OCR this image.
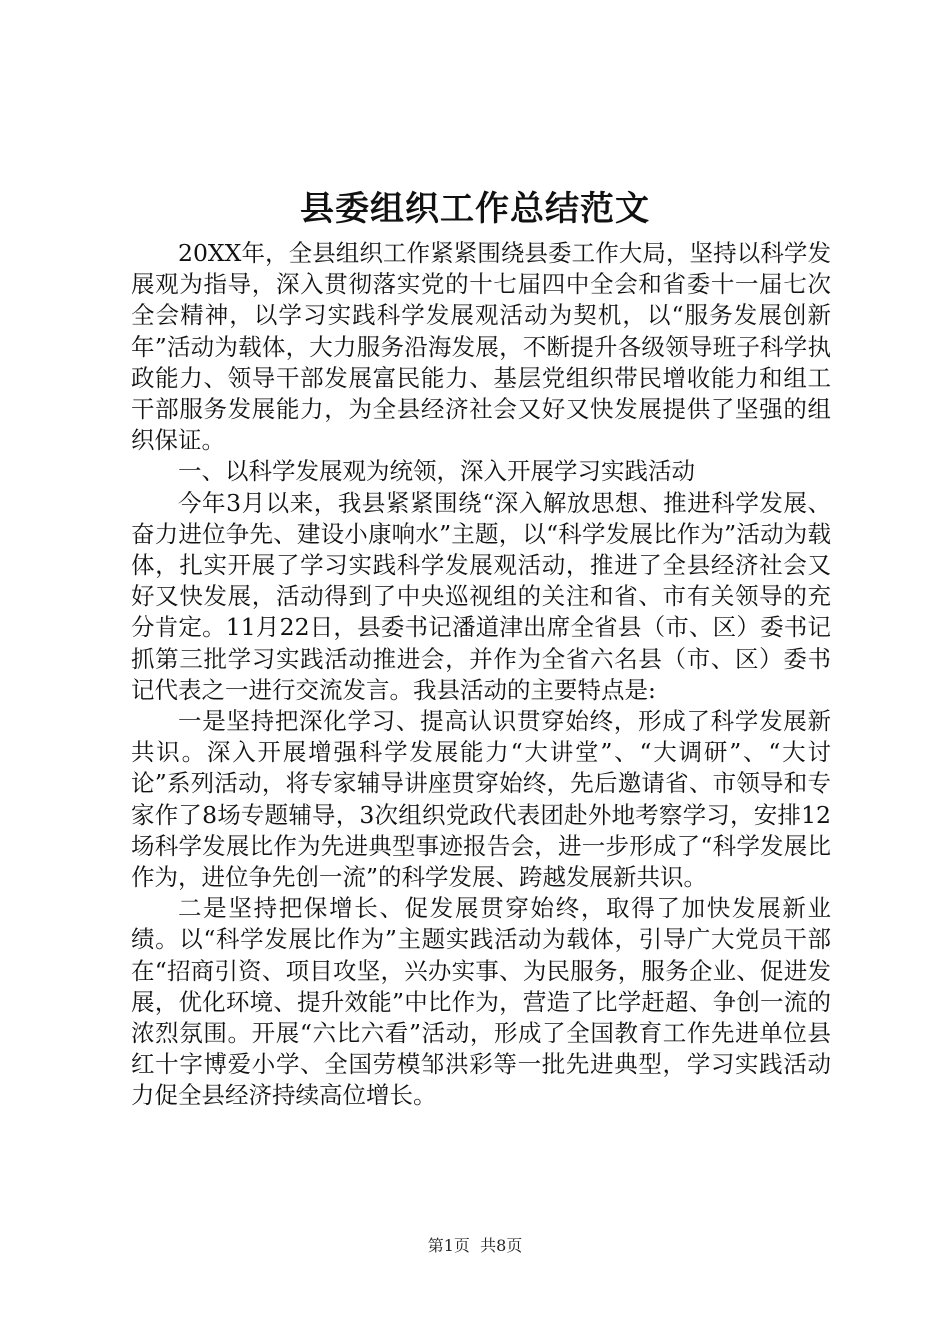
县委组织工作总结范文

20XX年，全县组织工作紧紧围绕县委工作大局，坚持以科学发展观为指导，深入贯彻落实党的十七届四中全会和省委十一届七次全会精神，以学习实践科学发展观活动为契机，以“服务发展创新年”活动为载体，大力服务沿海发展，不断提升各级领导班子科学执政能力、领导干部发展富民能力、基层党组织带民增收能力和组工干部服务发展能力，为全县经济社会又好又快发展提供了坚强的组织保证。

一、以科学发展观为统领，深入开展学习实践活动

今年3月以来，我县紧紧围绕“深入解放思想、推进科学发展、奋力进位争先、建设小康响水”主题，以“科学发展比作为”活动为载体，扎实开展了学习实践科学发展观活动，推进了全县经济社会又好又快发展，活动得到了中央巡视组的关注和省、市有关领导的充分肯定。11月22日，县委书记潘道津出席全省县（市、区）委书记抓第三批学习实践活动推进会，并作为全省六名县（市、区）委书记代表之一进行交流发言。我县活动的主要特点是:

一是坚持把深化学习、提高认识贯穿始终，形成了科学发展新共识。深入开展增强科学发展能力“大讲堂”、“大调研”、“大讨论”系列活动，将专家辅导讲座贯穿始终，先后邀请省、市领导和专家作了8场专题辅导，3次组织党政代表团赴外地考察学习，安排12场科学发展比作为先进典型事迹报告会，进一步形成了“科学发展比作为，进位争先创一流”的科学发展、跨越发展新共识。

二是坚持把保增长、促发展贯穿始终，取得了加快发展新业绩。以“科学发展比作为”主题实践活动为载体，引导广大党员干部在“招商引资、项目攻坚，兴办实事、为民服务，服务企业、促进发展，优化环境、提升效能”中比作为，营造了比学赶超、争创一流的浓烈氛围。开展“六比六看”活动，形成了全国教育工作先进单位县红十字博爱小学、全国劳模邹洪彩等一批先进典型，学习实践活动力促全县经济持续高位增长。

第1页  共8页
